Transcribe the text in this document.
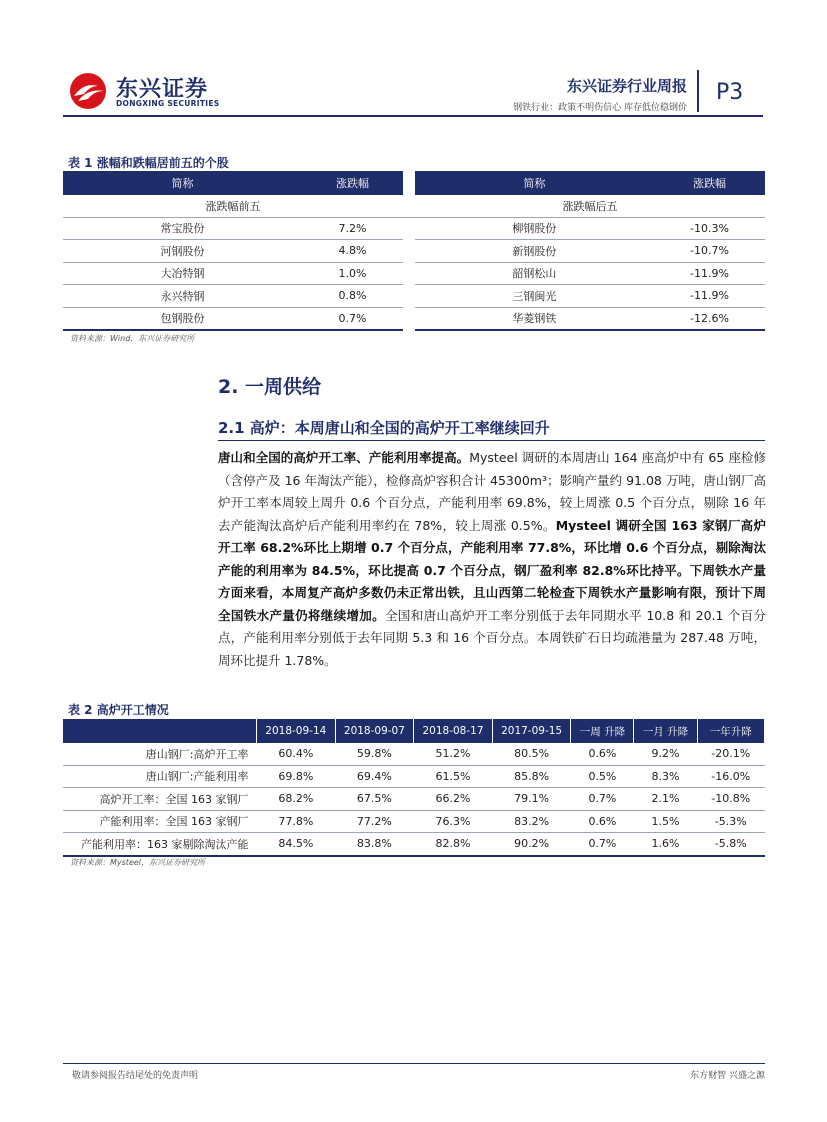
东兴证券
DONGXING SECURITIES
东兴证券行业周报
钢铁行业：政策不明伤信心 库存低位稳钢价
P3
表 1 涨幅和跌幅居前五的个股
简称	涨跌幅		简称	涨跌幅
涨跌幅前五			涨跌幅后五	
常宝股份	7.2%		柳钢股份	-10.3%
河钢股份	4.8%		新钢股份	-10.7%
大冶特钢	1.0%		韶钢松山	-11.9%
永兴特钢	0.8%		三钢闽光	-11.9%
包钢股份	0.7%		华菱钢铁	-12.6%
资料来源：Wind，东兴证券研究所
2. 一周供给
2.1 高炉：本周唐山和全国的高炉开工率继续回升
唐山和全国的高炉开工率、产能利用率提高。Mysteel 调研的本周唐山 164 座高炉中有 65 座检修（含停产及 16 年淘汰产能），检修高炉容积合计 45300m³；影响产量约 91.08 万吨，唐山钢厂高炉开工率本周较上周升 0.6 个百分点，产能利用率 69.8%，较上周涨 0.5 个百分点，剔除 16 年去产能淘汰高炉后产能利用率约在 78%，较上周涨 0.5%。Mysteel 调研全国 163 家钢厂高炉开工率 68.2%环比上期增 0.7 个百分点，产能利用率 77.8%，环比增 0.6 个百分点，剔除淘汰产能的利用率为 84.5%，环比提高 0.7 个百分点，钢厂盈利率 82.8%环比持平。下周铁水产量方面来看，本周复产高炉多数仍未正常出铁，且山西第二轮检查下周铁水产量影响有限，预计下周全国铁水产量仍将继续增加。全国和唐山高炉开工率分别低于去年同期水平 10.8 和 20.1 个百分点，产能利用率分别低于去年同期 5.3 和 16 个百分点。本周铁矿石日均疏港量为 287.48 万吨，周环比提升 1.78%。
表 2 高炉开工情况
	2018-09-14	2018-09-07	2018-08-17	2017-09-15	一周 升降	一月 升降	一年升降
唐山钢厂:高炉开工率	60.4%	59.8%	51.2%	80.5%	0.6%	9.2%	-20.1%
唐山钢厂:产能利用率	69.8%	69.4%	61.5%	85.8%	0.5%	8.3%	-16.0%
高炉开工率：全国 163 家钢厂	68.2%	67.5%	66.2%	79.1%	0.7%	2.1%	-10.8%
产能利用率：全国 163 家钢厂	77.8%	77.2%	76.3%	83.2%	0.6%	1.5%	-5.3%
产能利用率：163 家剔除淘汰产能	84.5%	83.8%	82.8%	90.2%	0.7%	1.6%	-5.8%
资料来源：Mysteel，东兴证券研究所
敬请参阅报告结尾处的免责声明	东方财智 兴盛之源
